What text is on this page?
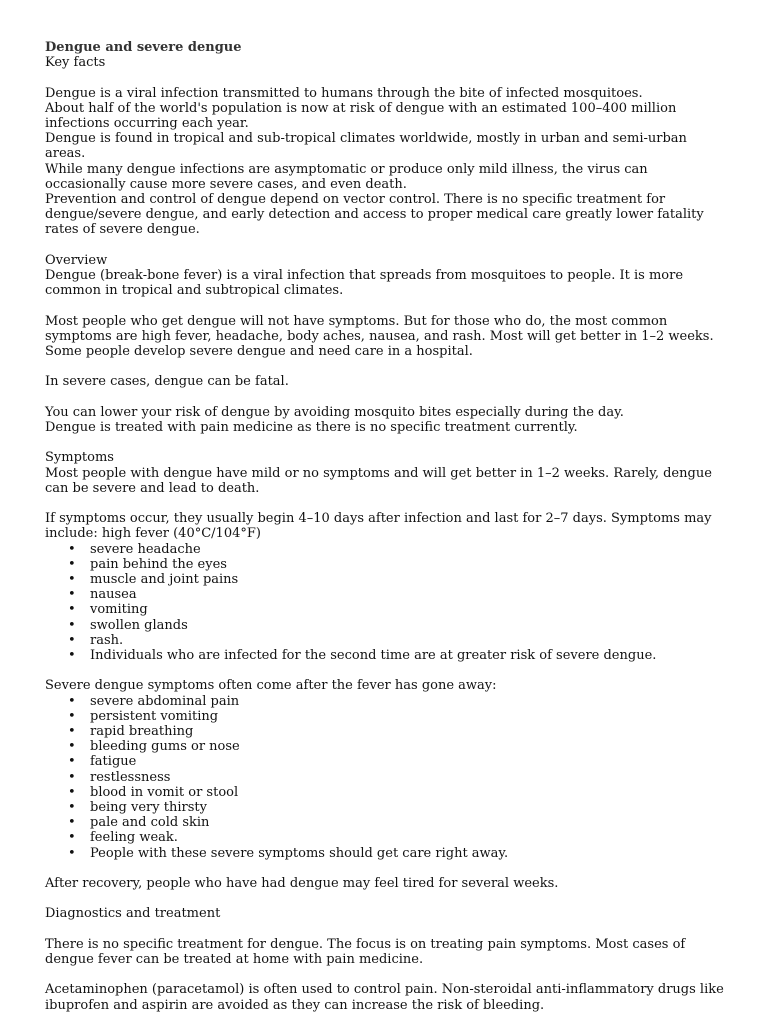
Dengue and severe dengue

Key facts

Dengue is a viral infection transmitted to humans through the bite of infected mosquitoes.

About half of the world's population is now at risk of dengue with an estimated 100–400 million infections occurring each year.

Dengue is found in tropical and sub-tropical climates worldwide, mostly in urban and semi-urban areas.

While many dengue infections are asymptomatic or produce only mild illness, the virus can occasionally cause more severe cases, and even death.

Prevention and control of dengue depend on vector control. There is no specific treatment for dengue/severe dengue, and early detection and access to proper medical care greatly lower fatality rates of severe dengue.

Overview

Dengue (break-bone fever) is a viral infection that spreads from mosquitoes to people. It is more common in tropical and subtropical climates.

Most people who get dengue will not have symptoms. But for those who do, the most common symptoms are high fever, headache, body aches, nausea, and rash. Most will get better in 1–2 weeks. Some people develop severe dengue and need care in a hospital.

In severe cases, dengue can be fatal.

You can lower your risk of dengue by avoiding mosquito bites especially during the day.

Dengue is treated with pain medicine as there is no specific treatment currently.

Symptoms

Most people with dengue have mild or no symptoms and will get better in 1–2 weeks. Rarely, dengue can be severe and lead to death.

If symptoms occur, they usually begin 4–10 days after infection and last for 2–7 days. Symptoms may include: high fever (40°C/104°F)

• severe headache
• pain behind the eyes
• muscle and joint pains
• nausea
• vomiting
• swollen glands
• rash.
• Individuals who are infected for the second time are at greater risk of severe dengue.

Severe dengue symptoms often come after the fever has gone away:

• severe abdominal pain
• persistent vomiting
• rapid breathing
• bleeding gums or nose
• fatigue
• restlessness
• blood in vomit or stool
• being very thirsty
• pale and cold skin
• feeling weak.
• People with these severe symptoms should get care right away.

After recovery, people who have had dengue may feel tired for several weeks.

Diagnostics and treatment

There is no specific treatment for dengue. The focus is on treating pain symptoms. Most cases of dengue fever can be treated at home with pain medicine.

Acetaminophen (paracetamol) is often used to control pain. Non-steroidal anti-inflammatory drugs like ibuprofen and aspirin are avoided as they can increase the risk of bleeding.
